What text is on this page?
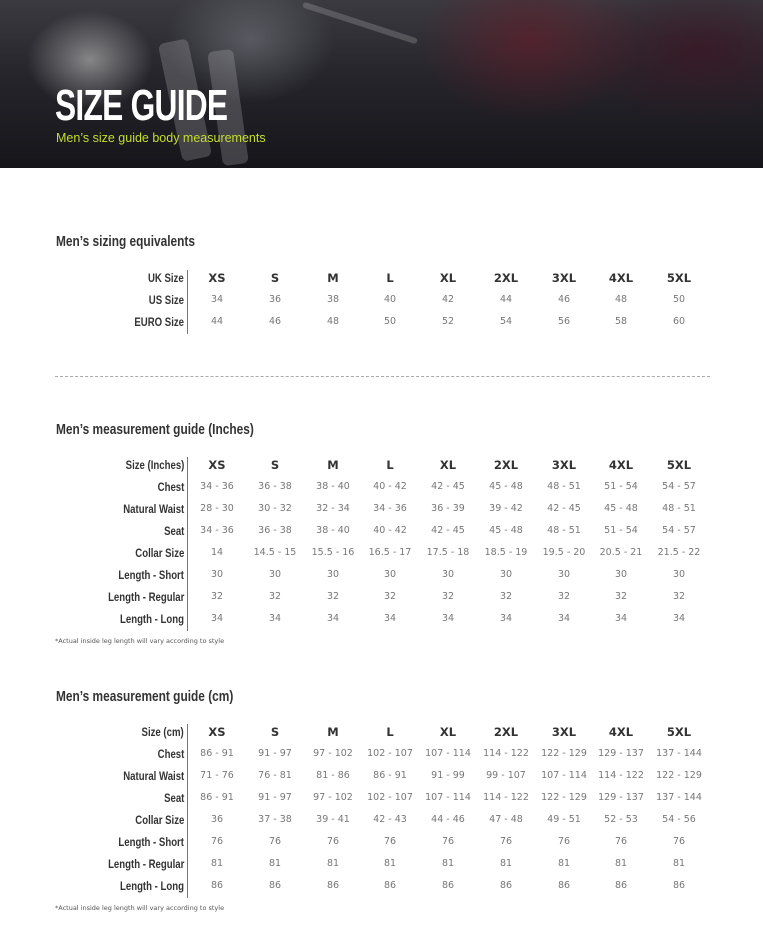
SIZE GUIDE
Men’s size guide body measurements
Men’s sizing equivalents
UK Size	XS	S	M	L	XL	2XL	3XL	4XL	5XL
US Size	34	36	38	40	42	44	46	48	50
EURO Size	44	46	48	50	52	54	56	58	60
Men’s measurement guide (Inches)
Size (Inches)	XS	S	M	L	XL	2XL	3XL	4XL	5XL
Chest	34 - 36	36 - 38	38 - 40	40 - 42	42 - 45	45 - 48	48 - 51	51 - 54	54 - 57
Natural Waist	28 - 30	30 - 32	32 - 34	34 - 36	36 - 39	39 - 42	42 - 45	45 - 48	48 - 51
Seat	34 - 36	36 - 38	38 - 40	40 - 42	42 - 45	45 - 48	48 - 51	51 - 54	54 - 57
Collar Size	14	14.5 - 15	15.5 - 16	16.5 - 17	17.5 - 18	18.5 - 19	19.5 - 20	20.5 - 21	21.5 - 22
Length - Short	30	30	30	30	30	30	30	30	30
Length - Regular	32	32	32	32	32	32	32	32	32
Length - Long	34	34	34	34	34	34	34	34	34
*Actual inside leg length will vary according to style
Men’s measurement guide (cm)
Size (cm)	XS	S	M	L	XL	2XL	3XL	4XL	5XL
Chest	86 - 91	91 - 97	97 - 102	102 - 107	107 - 114	114 - 122	122 - 129	129 - 137	137 - 144
Natural Waist	71 - 76	76 - 81	81 - 86	86 - 91	91 - 99	99 - 107	107 - 114	114 - 122	122 - 129
Seat	86 - 91	91 - 97	97 - 102	102 - 107	107 - 114	114 - 122	122 - 129	129 - 137	137 - 144
Collar Size	36	37 - 38	39 - 41	42 - 43	44 - 46	47 - 48	49 - 51	52 - 53	54 - 56
Length - Short	76	76	76	76	76	76	76	76	76
Length - Regular	81	81	81	81	81	81	81	81	81
Length - Long	86	86	86	86	86	86	86	86	86
*Actual inside leg length will vary according to style
